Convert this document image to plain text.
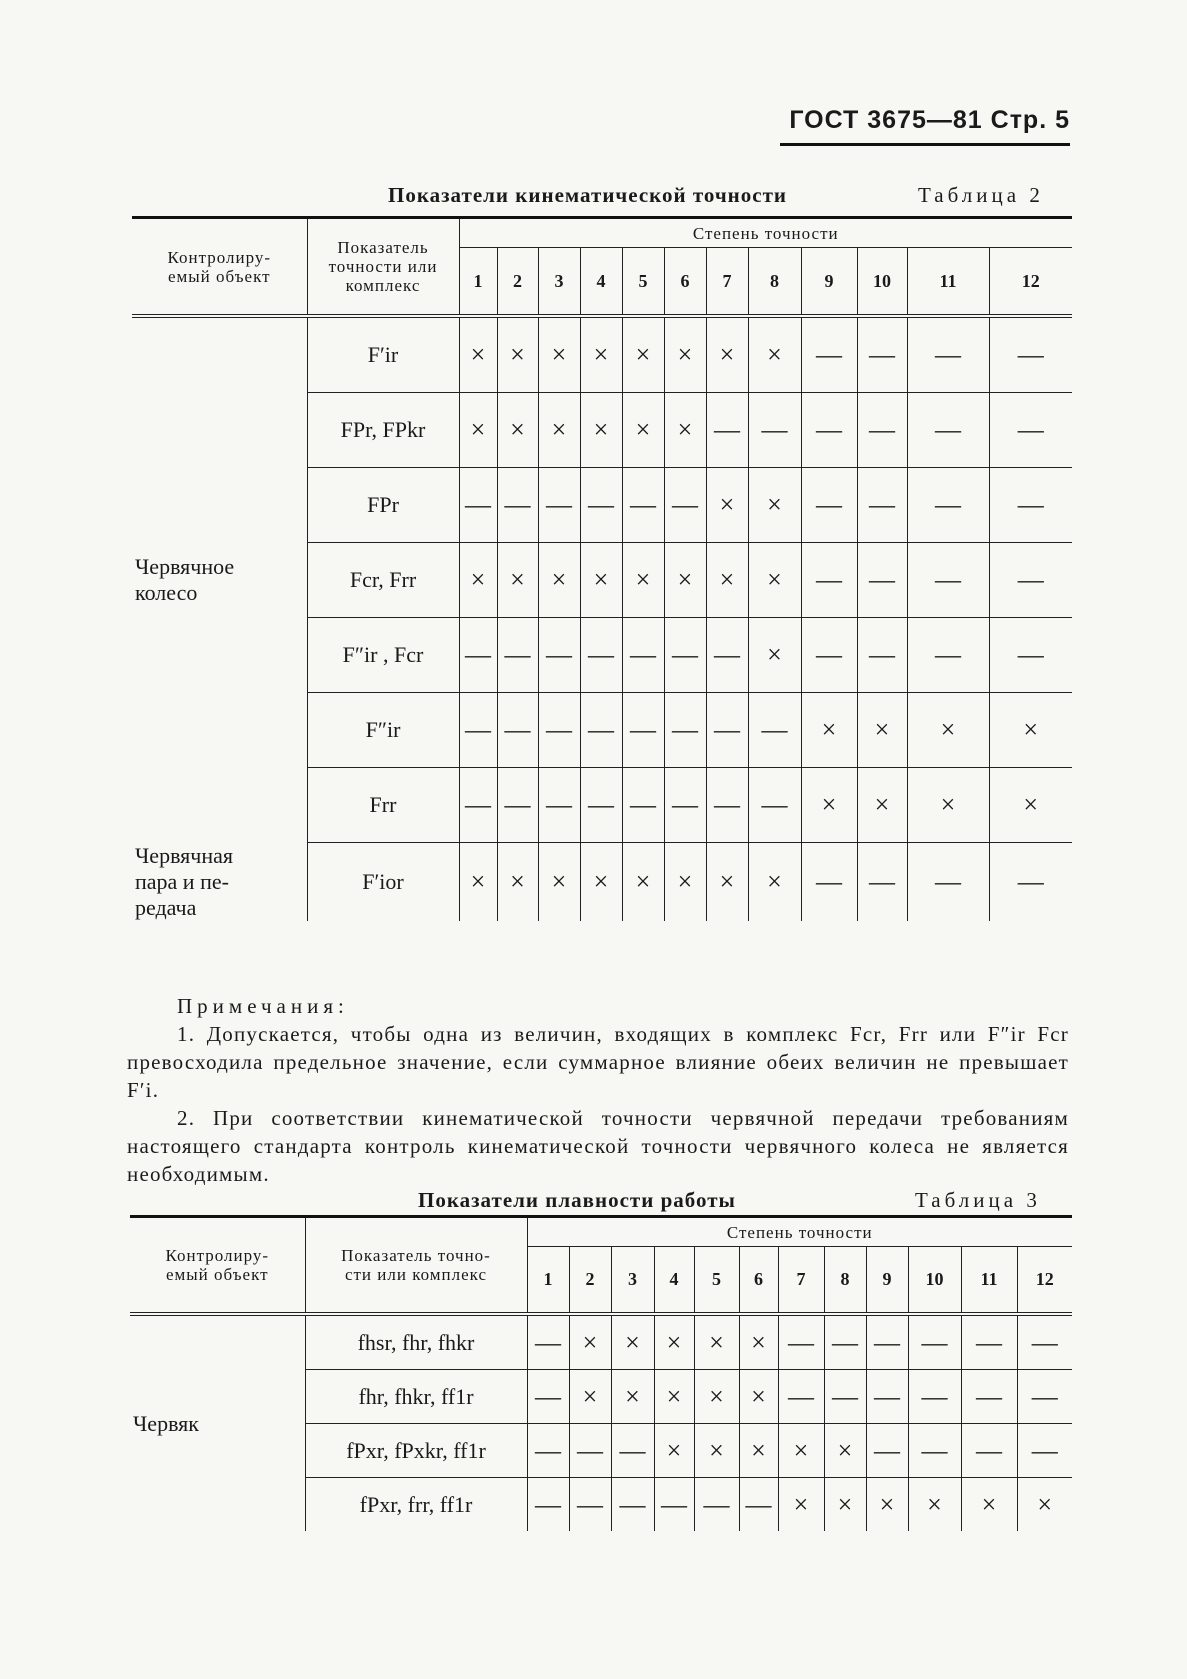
ГОСТ 3675—81 Стр. 5
Показатели кинематической точности	Таблица 2
Контролиру-
емый объект	Показатель
точности или
комплекс	Степень точности											
		1	2	3	4	5	6	7	8	9	10	11	12
Червячное
колесо	F′ir	×	×	×	×	×	×	×	×	—	—	—	—
	FPr, FPkr	×	×	×	×	×	×	—	—	—	—	—	—
	FPr	—	—	—	—	—	—	×	×	—	—	—	—
	Fcr, Frr	×	×	×	×	×	×	×	×	—	—	—	—
	F″ir , Fcr	—	—	—	—	—	—	—	×	—	—	—	—
	F″ir	—	—	—	—	—	—	—	—	×	×	×	×
	Frr	—	—	—	—	—	—	—	—	×	×	×	×
Червячная
пара и пе-
редача	F′ior	×	×	×	×	×	×	×	×	—	—	—	—

Примечания:

1. Допускается, чтобы одна из величин, входящих в комплекс Fcr, Frr или F″ir Fcr превосходила предельное значение, если суммарное влияние обеих величин не превышает F′i.

2. При соответствии кинематической точности червячной передачи требованиям настоящего стандарта контроль кинематической точности червячного колеса не является необходимым.

Показатели плавности работы	Таблица 3
Контролиру-
емый объект	Показатель точно-
сти или комплекс	Степень точности											
		1	2	3	4	5	6	7	8	9	10	11	12
Червяк	fhsr, fhr, fhkr	—	×	×	×	×	×	—	—	—	—	—	—
	fhr, fhkr, ff1r	—	×	×	×	×	×	—	—	—	—	—	—
	fPxr, fPxkr, ff1r	—	—	—	×	×	×	×	×	—	—	—	—
	fPxr, frr, ff1r	—	—	—	—	—	—	×	×	×	×	×	×
